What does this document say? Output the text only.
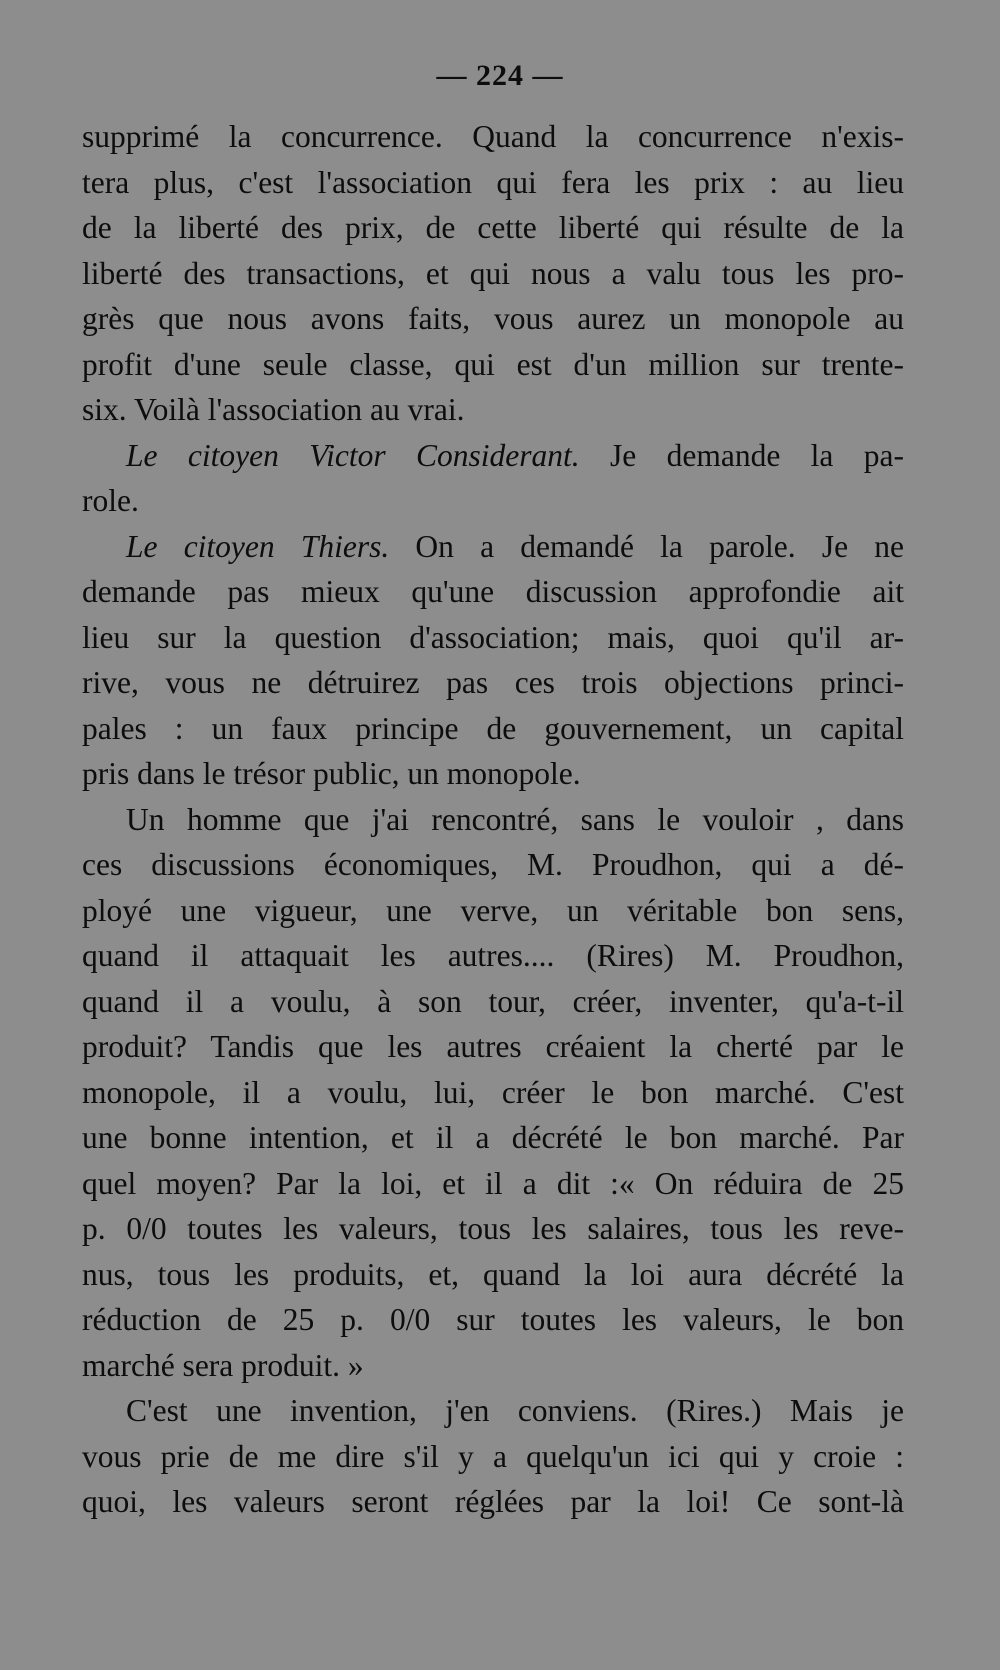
— 224 —
supprimé la concurrence. Quand la concurrence n'exis-
tera plus, c'est l'association qui fera les prix : au lieu
de la liberté des prix, de cette liberté qui résulte de la
liberté des transactions, et qui nous a valu tous les pro-
grès que nous avons faits, vous aurez un monopole au
profit d'une seule classe, qui est d'un million sur trente-
six. Voilà l'association au vrai.
Le citoyen Victor Considerant. Je demande la pa-
role.
Le citoyen Thiers. On a demandé la parole. Je ne
demande pas mieux qu'une discussion approfondie ait
lieu sur la question d'association; mais, quoi qu'il ar-
rive, vous ne détruirez pas ces trois objections princi-
pales : un faux principe de gouvernement, un capital
pris dans le trésor public, un monopole.
Un homme que j'ai rencontré, sans le vouloir , dans
ces discussions économiques, M. Proudhon, qui a dé-
ployé une vigueur, une verve, un véritable bon sens,
quand il attaquait les autres.... (Rires) M. Proudhon,
quand il a voulu, à son tour, créer, inventer, qu'a-t-il
produit? Tandis que les autres créaient la cherté par le
monopole, il a voulu, lui, créer le bon marché. C'est
une bonne intention, et il a décrété le bon marché. Par
quel moyen? Par la loi, et il a dit :« On réduira de 25
p. 0/0 toutes les valeurs, tous les salaires, tous les reve-
nus, tous les produits, et, quand la loi aura décrété la
réduction de 25 p. 0/0 sur toutes les valeurs, le bon
marché sera produit. »
C'est une invention, j'en conviens. (Rires.) Mais je
vous prie de me dire s'il y a quelqu'un ici qui y croie :
quoi, les valeurs seront réglées par la loi! Ce sont-là
